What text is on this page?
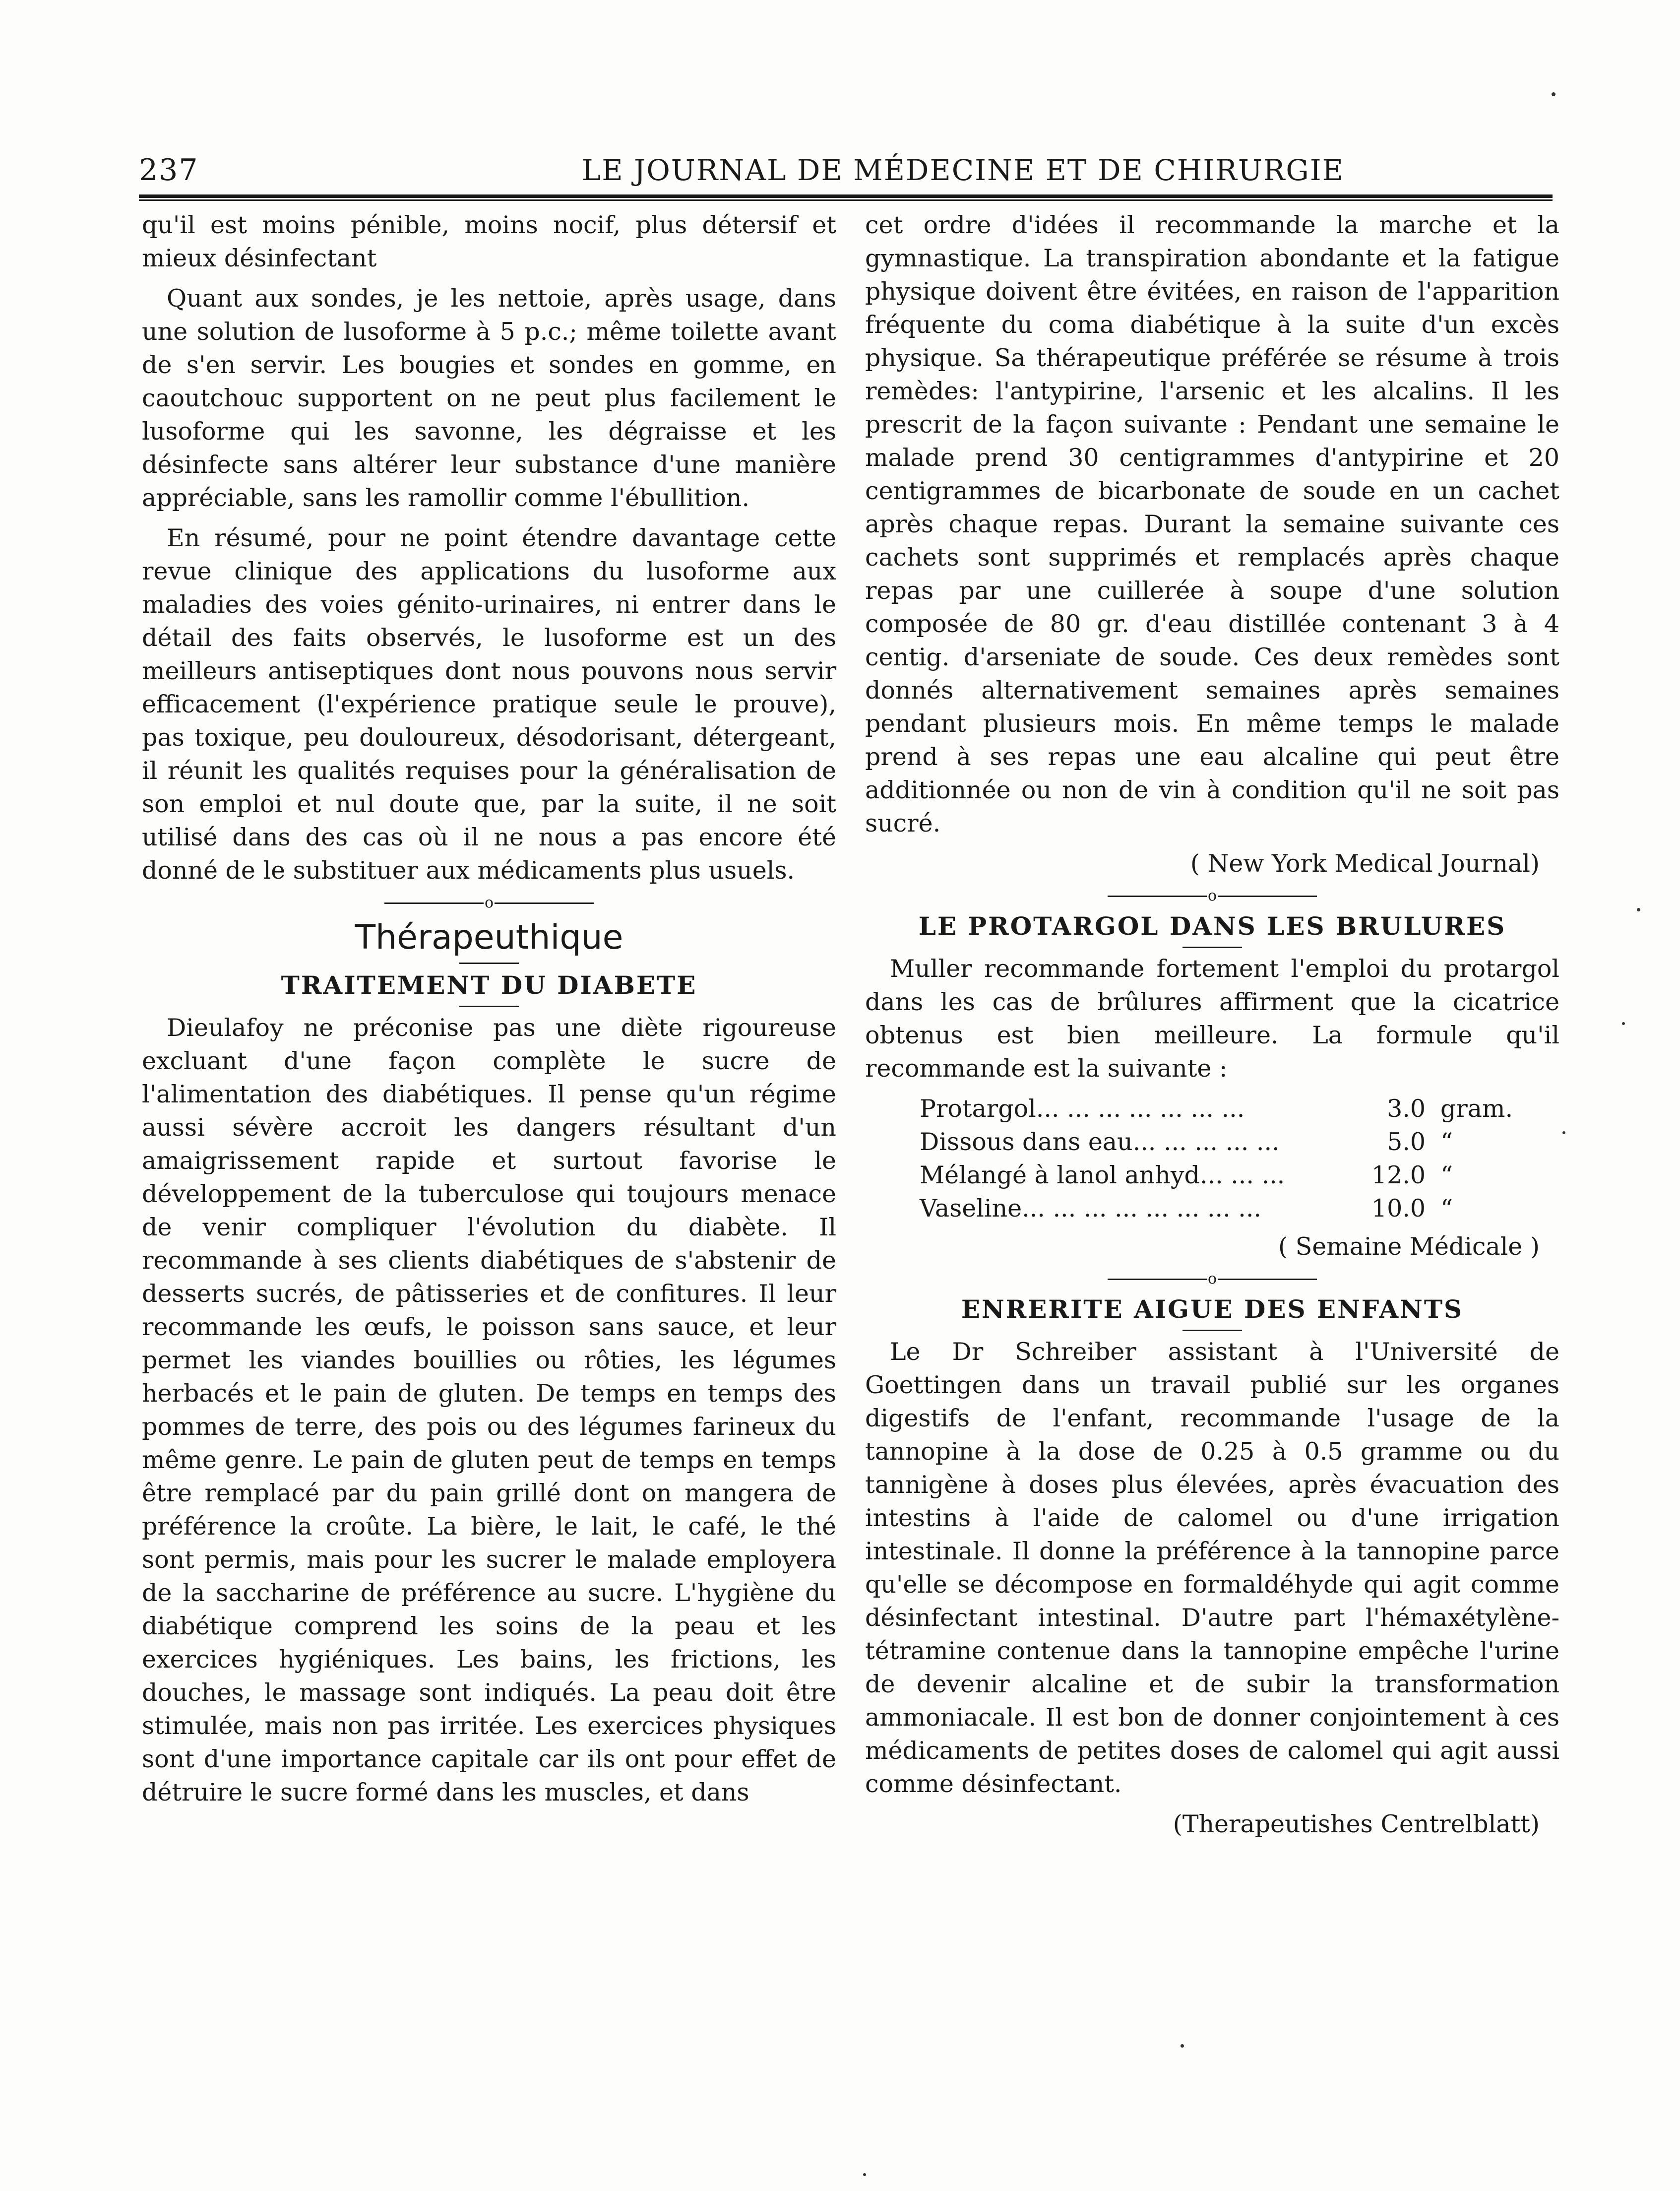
237	LE JOURNAL DE MÉDECINE ET DE CHIRURGIE

qu'il est moins pénible, moins nocif, plus détersif et mieux désinfectant

Quant aux sondes, je les nettoie, après usage, dans une solution de lusoforme à 5 p.c.; même toilette avant de s'en servir. Les bougies et sondes en gomme, en caoutchouc supportent on ne peut plus facilement le lusoforme qui les savonne, les dégraisse et les désinfecte sans altérer leur substance d'une manière appréciable, sans les ramollir comme l'ébullition.

En résumé, pour ne point étendre davantage cette revue clinique des applications du lusoforme aux maladies des voies génito-urinaires, ni entrer dans le détail des faits observés, le lusoforme est un des meilleurs antiseptiques dont nous pouvons nous servir efficacement (l'expérience pratique seule le prouve), pas toxique, peu douloureux, désodorisant, détergeant, il réunit les qualités requises pour la généralisation de son emploi et nul doute que, par la suite, il ne soit utilisé dans des cas où il ne nous a pas encore été donné de le substituer aux médicaments plus usuels.

o
Thérapeuthique
TRAITEMENT DU DIABETE

Dieulafoy ne préconise pas une diète rigoureuse excluant d'une façon complète le sucre de l'alimentation des diabétiques. Il pense qu'un régime aussi sévère accroit les dangers résultant d'un amaigrissement rapide et surtout favorise le développement de la tuberculose qui toujours menace de venir compliquer l'évolution du diabète. Il recommande à ses clients diabétiques de s'abstenir de desserts sucrés, de pâtisseries et de confitures. Il leur recommande les œufs, le poisson sans sauce, et leur permet les viandes bouillies ou rôties, les légumes herbacés et le pain de gluten. De temps en temps des pommes de terre, des pois ou des légumes farineux du même genre. Le pain de gluten peut de temps en temps être remplacé par du pain grillé dont on mangera de préférence la croûte. La bière, le lait, le café, le thé sont permis, mais pour les sucrer le malade employera de la saccharine de préférence au sucre. L'hygiène du diabétique comprend les soins de la peau et les exercices hygiéniques. Les bains, les frictions, les douches, le massage sont indiqués. La peau doit être stimulée, mais non pas irritée. Les exercices physiques sont d'une importance capitale car ils ont pour effet de détruire le sucre formé dans les muscles, et dans

cet ordre d'idées il recommande la marche et la gymnastique. La transpiration abondante et la fatigue physique doivent être évitées, en raison de l'apparition fréquente du coma diabétique à la suite d'un excès physique. Sa thérapeutique préférée se résume à trois remèdes: l'antypirine, l'arsenic et les alcalins. Il les prescrit de la façon suivante : Pendant une semaine le malade prend 30 centigrammes d'antypirine et 20 centigrammes de bicarbonate de soude en un cachet après chaque repas. Durant la semaine suivante ces cachets sont supprimés et remplacés après chaque repas par une cuillerée à soupe d'une solution composée de 80 gr. d'eau distillée contenant 3 à 4 centig. d'arseniate de soude. Ces deux remèdes sont donnés alternativement semaines après semaines pendant plusieurs mois. En même temps le malade prend à ses repas une eau alcaline qui peut être additionnée ou non de vin à condition qu'il ne soit pas sucré.

( New York Medical Journal)

o
LE PROTARGOL DANS LES BRULURES

Muller recommande fortement l'emploi du protargol dans les cas de brûlures affirment que la cicatrice obtenus est bien meilleure. La formule qu'il recommande est la suivante :

Protargol... ... ... ... ... ... ...	3.0 gram.
Dissous dans eau... ... ... ... ...	5.0 “
Mélangé à lanol anhyd... ... ...	12.0 “
Vaseline... ... ... ... ... ... ... ...	10.0 “

( Semaine Médicale )

o
ENRERITE AIGUE DES ENFANTS

Le Dr Schreiber assistant à l'Université de Goettingen dans un travail publié sur les organes digestifs de l'enfant, recommande l'usage de la tannopine à la dose de 0.25 à 0.5 gramme ou du tannigène à doses plus élevées, après évacuation des intestins à l'aide de calomel ou d'une irrigation intestinale. Il donne la préférence à la tannopine parce qu'elle se décompose en formaldéhyde qui agit comme désinfectant intestinal. D'autre part l'hémaxétylène-tétramine contenue dans la tannopine empêche l'urine de devenir alcaline et de subir la transformation ammoniacale. Il est bon de donner conjointement à ces médicaments de petites doses de calomel qui agit aussi comme désinfectant.

(Therapeutishes Centrelblatt)
